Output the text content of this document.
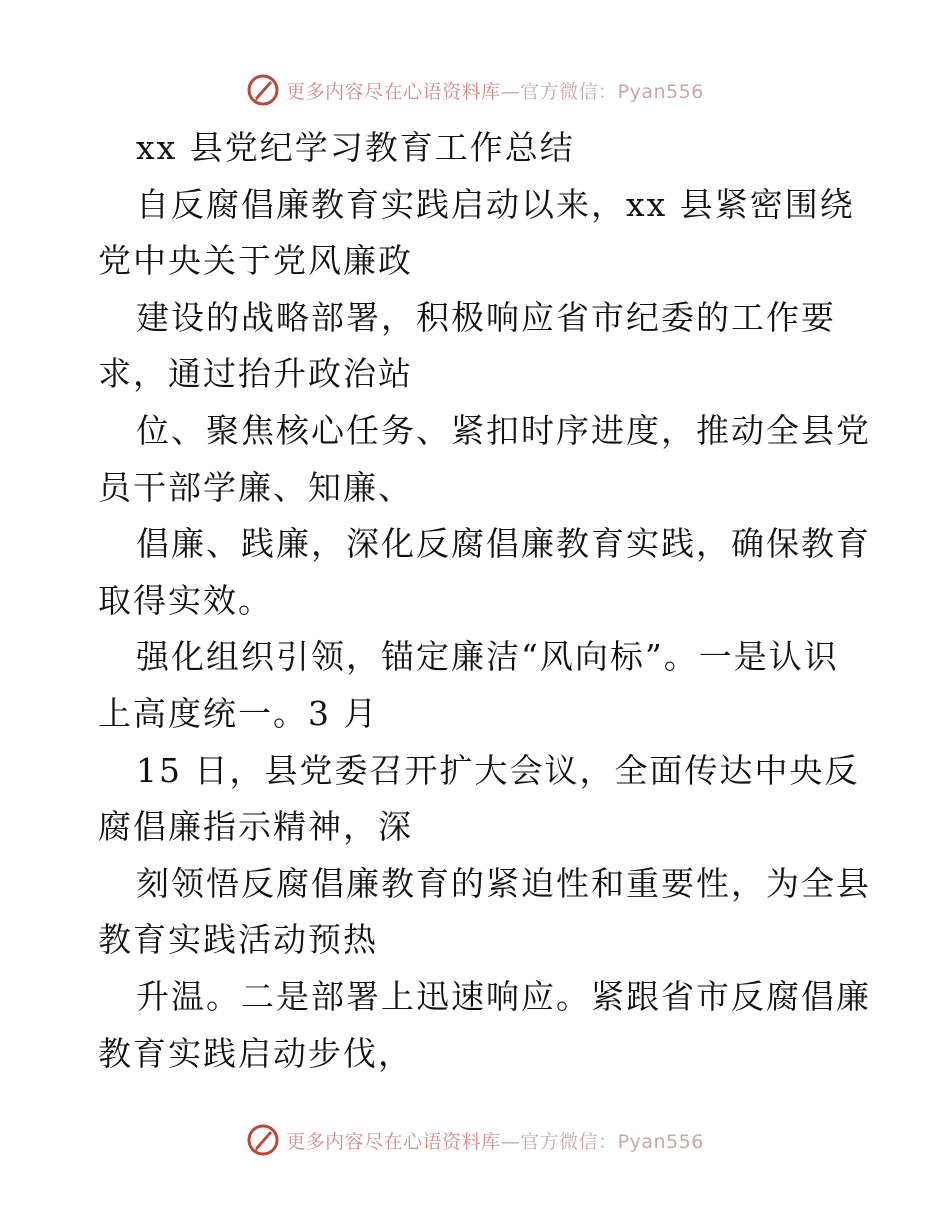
更多内容尽在心语资料库—官方微信：Pyan556
xx 县党纪学习教育工作总结
自反腐倡廉教育实践启动以来，xx 县紧密围绕
党中央关于党风廉政
建设的战略部署，积极响应省市纪委的工作要
求，通过抬升政治站
位、聚焦核心任务、紧扣时序进度，推动全县党
员干部学廉、知廉、
倡廉、践廉，深化反腐倡廉教育实践，确保教育
取得实效。
强化组织引领，锚定廉洁“风向标”。一是认识
上高度统一。3 月
15 日，县党委召开扩大会议，全面传达中央反
腐倡廉指示精神，深
刻领悟反腐倡廉教育的紧迫性和重要性，为全县
教育实践活动预热
升温。二是部署上迅速响应。紧跟省市反腐倡廉
教育实践启动步伐，
更多内容尽在心语资料库—官方微信：Pyan556
